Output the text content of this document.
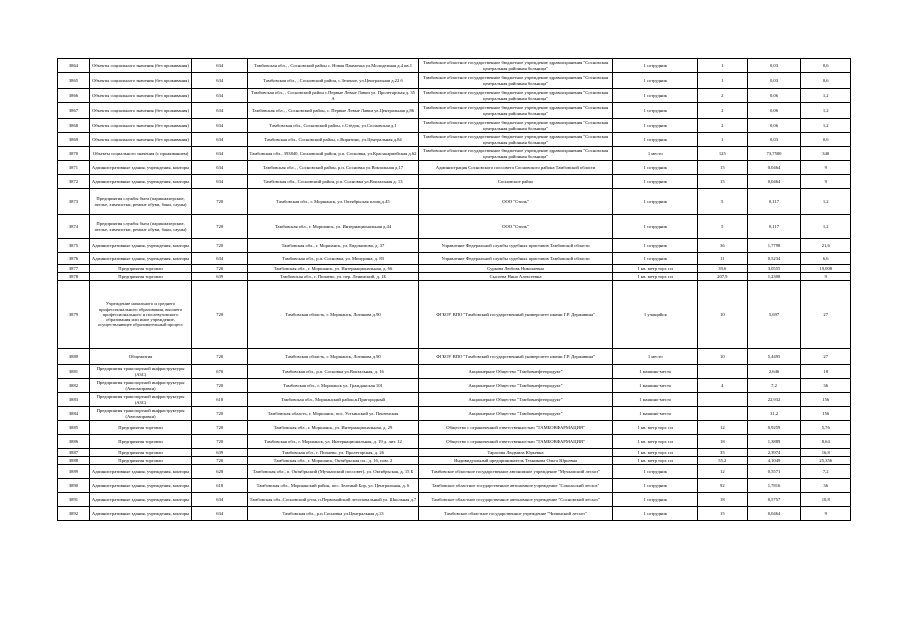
3864	Объекты социального значения (без проживания)	634	Тамбовская обл., , Сосновский район с. Новая Панмочка ул.Молодежная д.4 кв.1	Тамбовское областное государственное бюджетное учреждение здравоохранения "Сосновская центральная районная больница"	1 сотрудник	1	0,03	0,6
3865	Объекты социального значения (без проживания)	634	Тамбовская обл., , Сосновский район, с.Зеленое, ул.Центральная д.22 б	Тамбовское областное государственное бюджетное учреждение здравоохранения "Сосновская центральная районная больница"	1 сотрудник	1	0,03	0,6
3866	Объекты социального значения (без проживания)	634	Тамбовская обл., , Сосновский район с.Первые Левые Лавки ул. Пролетарская д. 35 А	Тамбовское областное государственное бюджетное учреждение здравоохранения "Сосновская центральная районная больница"	1 сотрудник	2	0,06	1,2
3867	Объекты социального значения (без проживания)	634	Тамбовская обл., , Сосновский район, с. Первые Левые Лавки ул.Центральная д.86	Тамбовское областное государственное бюджетное учреждение здравоохранения "Сосновская центральная районная больница"	1 сотрудник	2	0,06	1,2
3868	Объекты социального значения (без проживания)	634	Тамбовская обл., Сосновский район, с.Стёдок, ул.Сосновская д.1	Тамбовское областное государственное бюджетное учреждение здравоохранения "Сосновская центральная районная больница"	1 сотрудник	2	0,06	1,2
3869	Объекты социального значения (без проживания)	634	Тамбовская обл., Сосновский район, с.Вирятино, ул.Центральная д.84	Тамбовское областное государственное бюджетное учреждение здравоохранения "Сосновская центральная районная больница"	1 сотрудник	1	0,03	0,6
3870	Объекты социального значения (с проживанием)	634	Тамбовская обл., 393840, Сосновский район, р.п. Сосновка, ул.Красноармейская д.62	Тамбовское областное государственное бюджетное учреждение здравоохранения "Сосновская центральная районная больница"	1 место	125	73,7500	340
3871	Административные здания, учреждения, конторы	634	Тамбовская обл., , Сосновский район, р.п. Сосновка ул.Вокзальная д.17	Администрация Сосновского поссовета Сосновского района Тамбовской области	1 сотрудник	15	0,0464	9
3872	Административные здания, учреждения, конторы	634	Тамбовская обл., Сосновский район, р.п. Сосновка ул.Вокзальная д. 13	Сосновское райпо	1 сотрудник	15	0,0464	9
3873	Предприятия службы быта (парикмахерские, ателье, химчистки, ремонт обуви, бани, сауны)	720	Тамбовская обл., г. Моршанск, ул. Октябрьская площ.д.45	ООО "Стиль"	1 сотрудник	5	0,117	1,2
3874	Предприятия службы быта (парикмахерские, ателье, химчистки, ремонт обуви, бани, сауны)	720	Тамбовская обл., г. Моршанск, ул. Интернациональная д.44	ООО "Стиль"	1 сотрудник	5	0,117	1,2
3875	Административные здания, учреждения, конторы	720	Тамбовская обл., г. Моршанск, ул. Евдокимова, д. 37	Управление Федеральной службы судебных приставов Тамбовской области	1 сотрудник	36	1,7798	21,6
3876	Административные здания, учреждения, конторы	634	Тамбовская обл., р.п. Сосновка, ул. Мичурина, д. 83	Управление Федеральной службы судебных приставов Тамбовской области	1 сотрудник	11	0,5234	6,6
3877	Предприятия торговли	720	Тамбовская обл., г. Моршанск, ул. Интернациональная, д. 66	Суркова Любовь Николаевна	1 кв. метр торг. пл	39,6	3,0555	19,008
3878	Предприятия торговли	639	Тамбовская обл., г. Пичаево, ул. пер. Ленинский, д. 1Б	Сысоева Нина Алексеевна	1 кв. метр торг. пл	207,9	1,2308	9
3879	Учреждение начального и среднего профессионального образования, высшего профессионального и послевузовского образования или иное учреждение, осуществляющее образовательный процесс	720	Тамбовская область, г. Моршанск, Лотикова д.90	ФГБОУ ВПО "Тамбовский государственный университет имени Г.Р. Державина"	1 учащийся	10	5,697	27
3880	Общежития	720	Тамбовская область, г. Моршанск, Лотикова д.90	ФГБОУ ВПО "Тамбовский государственный университет имени Г.Р. Державина"	1 место	10	5,4495	27
3881	Предприятия транспортной инфраструктуры (АЗС)	670	Тамбовская обл., р.п. Сосновка ул.Вокзальная, д. 16	Акционерное Общество "Тамбовнефтепродукт"	1 машино-место		2,646	18
3882	Предприятия транспортной инфраструктуры (Автозаправки)	720	Тамбовская обл., г. Моршанск ул. Гражданская 101	Акционерное Общество "Тамбовнефтепродукт"	1 машино-место	4	7,2	36
3883	Предприятия транспортной инфраструктуры (АЗС)	618	Тамбовская обл., Моршанский район,в.Пригородный	Акционерное Общество "Тамбовнефтепродукт"	1 машино-место		22,932	156
3884	Предприятия транспортной инфраструктуры (Автозаправки)	720	Тамбовская область, г. Моршанск, пос. Устьинский ул. Пензенская	Акционерное Общество "Тамбовнефтепродукт"	1 машино-место		31,2	156
3885	Предприятия торговли	720	Тамбовская обл., г. Моршанск, ул. Интернациональная, д. 29	Общество с ограниченной ответственностью "ТАМБОВФАРМАЦИЯ"	1 кв. метр торг. пл	12	0,9259	5,76
3886	Предприятия торговли	720	Тамбовская обл., г. Моршанск, ул. Интернациональная, д. 19 д. лит. 12	Общество с ограниченной ответственностью "ТАМБОВФАРМАЦИЯ"	1 кв. метр торг. пл	18	1,3889	8,64
3887	Предприятия торговли	639	Тамбовская обл., г. Пичаево, ул. Пролетарская, д. 26	Тарасова Людмила Юрьевна	1 кв. метр торг. пл	35	2,3974	16,8
3888	Предприятия торговли	720	Тамбовская обл., г. Моршанск, Октябрьская пл., д. 16, пом. 2	Индивидуальный предприниматель Техникова Ольга Юрьевна	1 кв. метр торг. пл	55,2	4,1049	25,356
3889	Административные здания, учреждения, конторы	628	Тамбовская обл., п. Октябрьский (Мучкапский поссовет), ул. Октябрьская, д. 15 Б	Тамбовское областное государственное автономное учреждение "Мучкапский лесхоз"	1 сотрудник	12	0,5571	7,2
3890	Административные здания, учреждения, конторы	618	Тамбовская обл., Моршанский район, пос. Зеленый Бор, ул. Центральная, д. 6	Тамбовское областное государственное автономное учреждение "Сокольский лесхоз"	1 сотрудник	92	1,7816	36
3891	Административные здания, учреждения, конторы	634	Тамбовская обл.,Сосновский р-он, п.Первомайский лесоповальный ул. Школьная д.7	Тамбовское областное государственное автономное учреждение "Сосновский лесхоз"	1 сотрудник	18	0,5757	10,8
3892	Административные здания, учреждения, конторы	634	Тамбовская обл., р.п.Сосновка ул.Центральная д.13	Тамбовское областное государственное учреждение "Чичинский лесхоз"	1 сотрудник	15	0,0464	9
